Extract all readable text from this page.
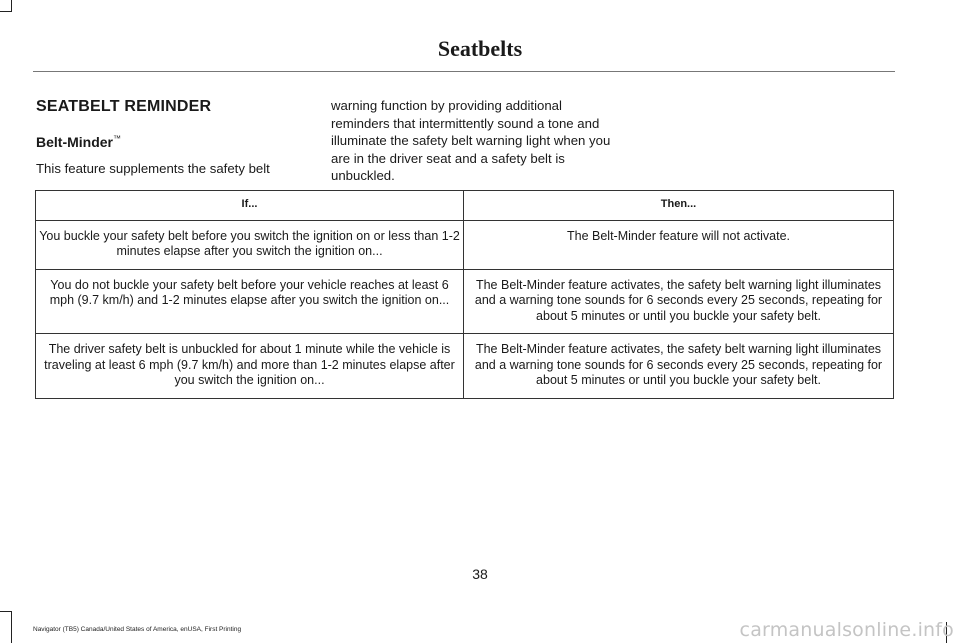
Seatbelts
SEATBELT REMINDER
Belt-Minder™
This feature supplements the safety belt
warning function by providing additional reminders that intermittently sound a tone and illuminate the safety belt warning light when you are in the driver seat and a safety belt is unbuckled.
If...	Then...
You buckle your safety belt before you switch the ignition on or less than 1-2 minutes elapse after you switch the ignition on...	The Belt-Minder feature will not activate.
You do not buckle your safety belt before your vehicle reaches at least 6 mph (9.7 km/h) and 1-2 minutes elapse after you switch the ignition on...	The Belt-Minder feature activates, the safety belt warning light illuminates and a warning tone sounds for 6 seconds every 25 seconds, repeating for about 5 minutes or until you buckle your safety belt.
The driver safety belt is unbuckled for about 1 minute while the vehicle is traveling at least 6 mph (9.7 km/h) and more than 1-2 minutes elapse after you switch the ignition on...	The Belt-Minder feature activates, the safety belt warning light illuminates and a warning tone sounds for 6 seconds every 25 seconds, repeating for about 5 minutes or until you buckle your safety belt.
38
Navigator (TB5) Canada/United States of America, enUSA, First Printing	carmanualsonline.info
